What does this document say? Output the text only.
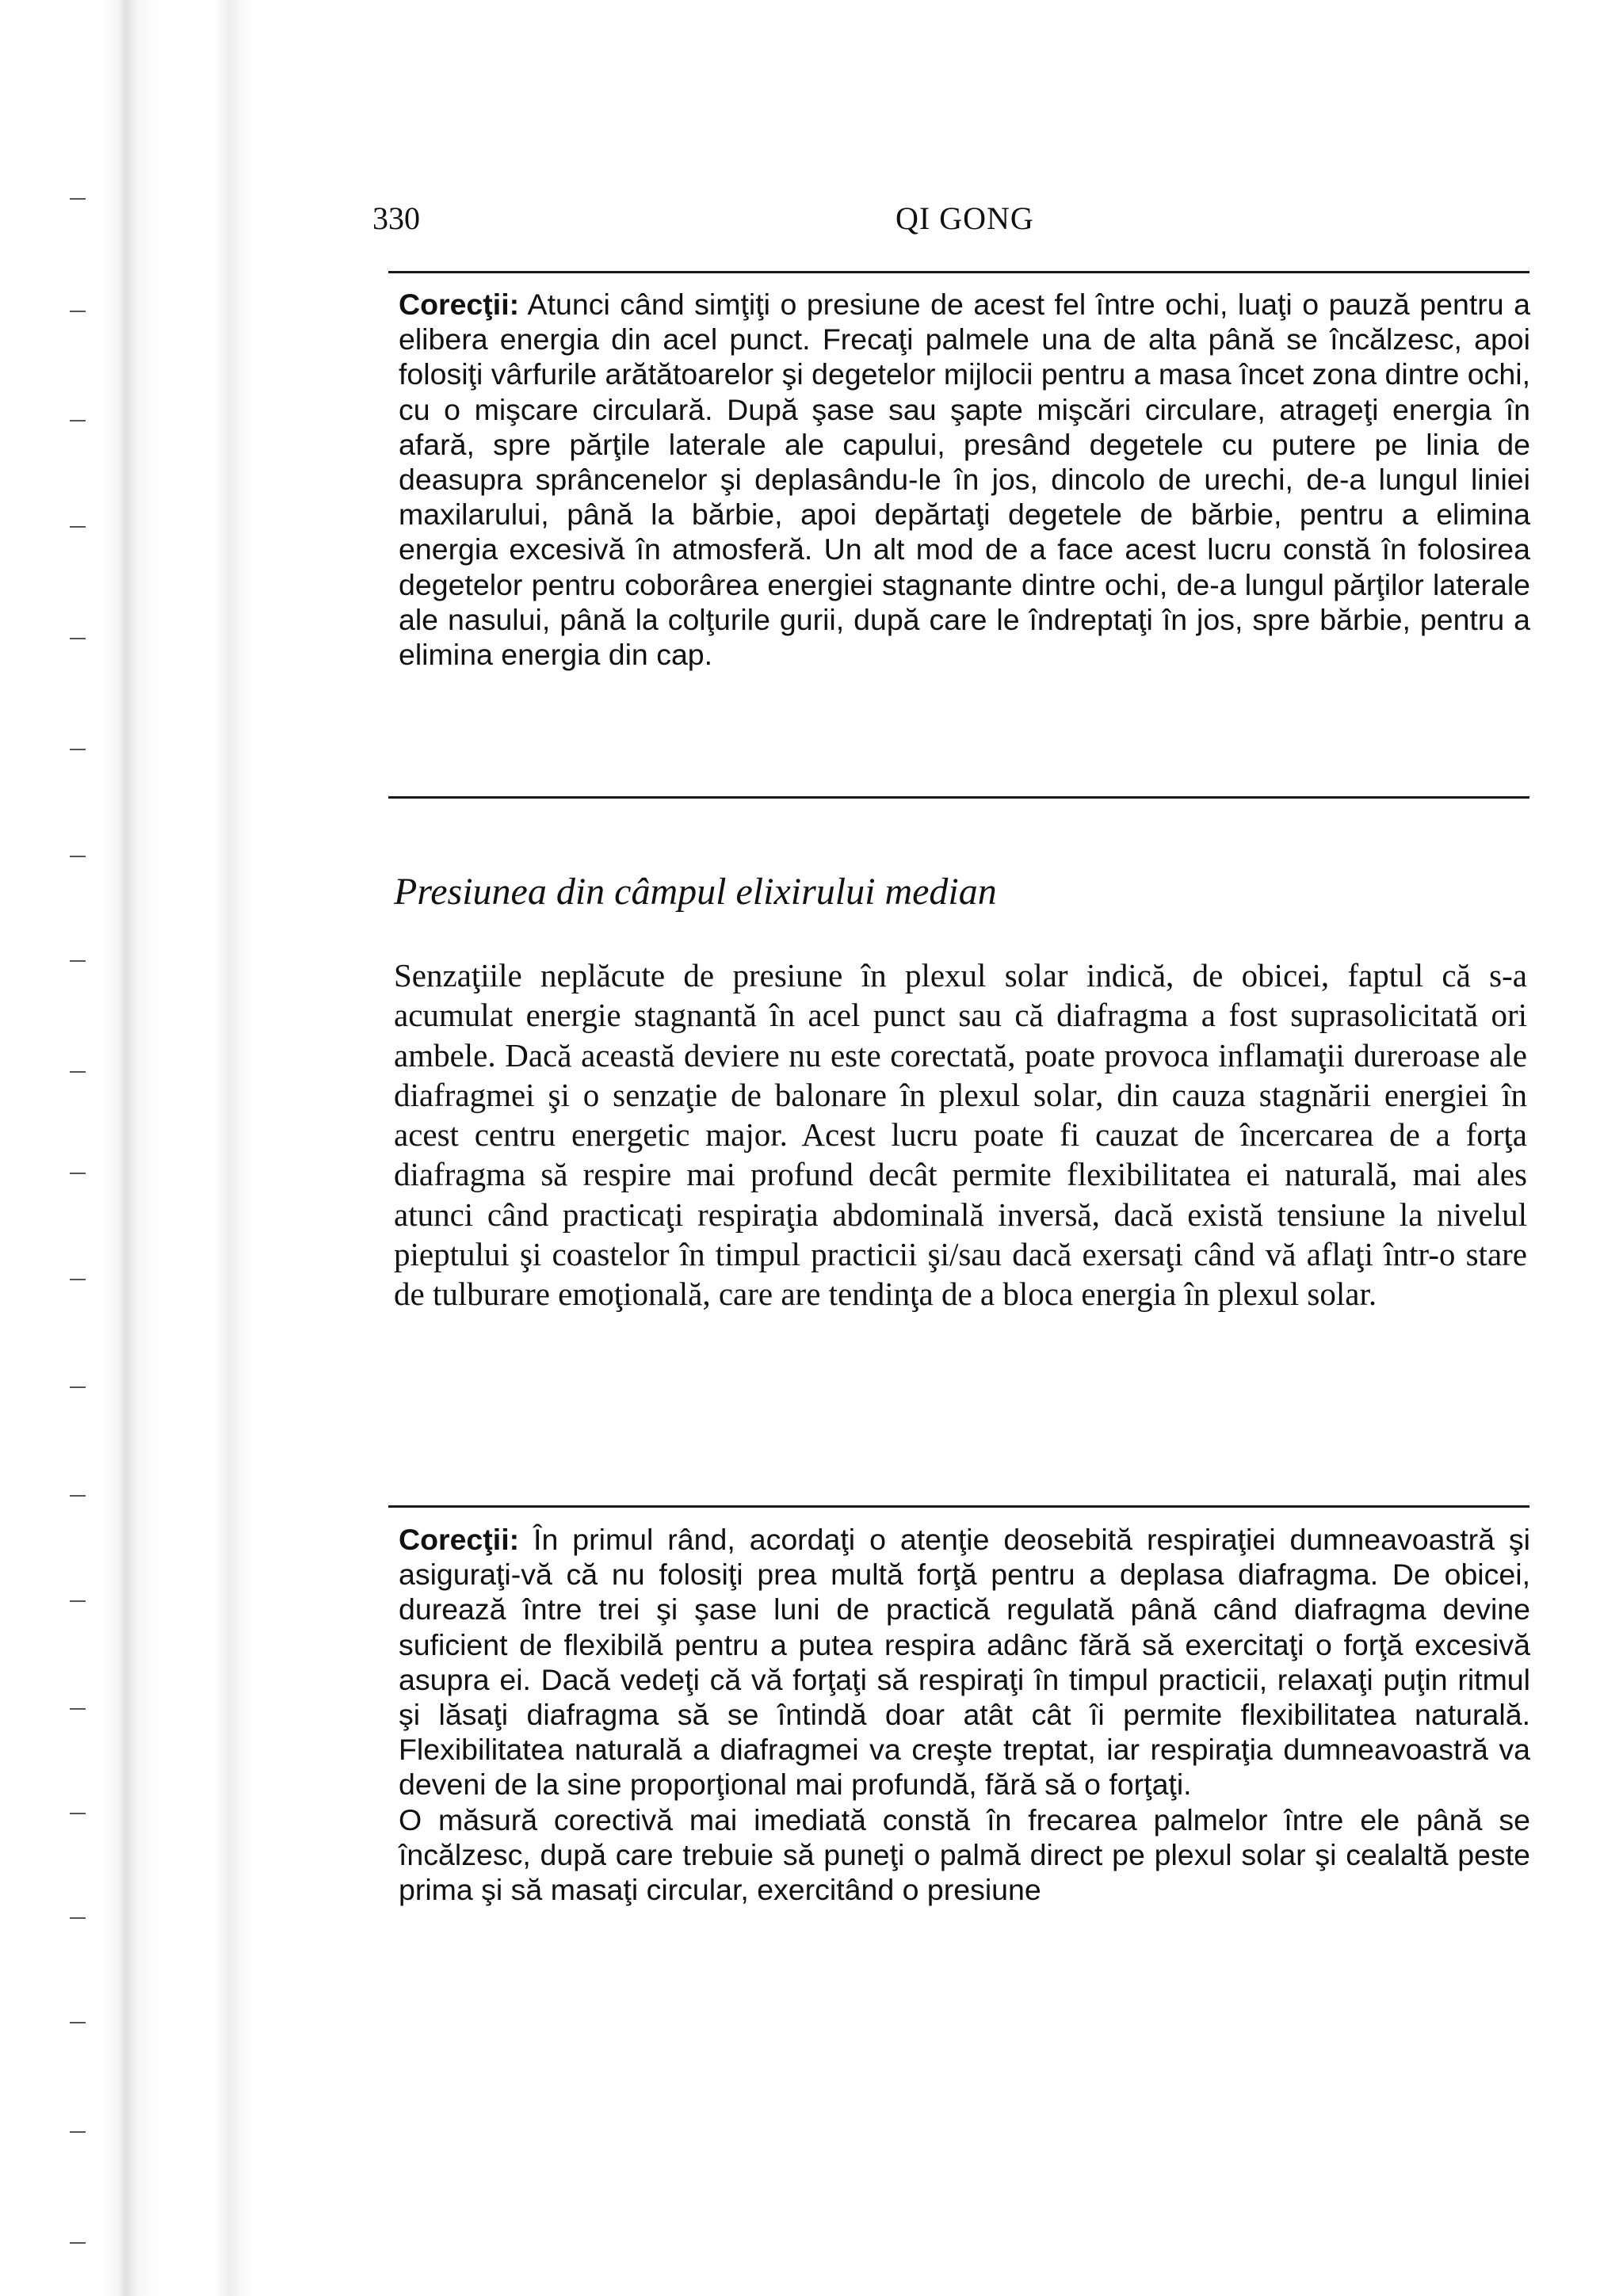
330	QI GONG

Corecţii: Atunci când simţiţi o presiune de acest fel între ochi, luaţi o pauză pentru a elibera energia din acel punct. Frecaţi palmele una de alta până se încălzesc, apoi folosiţi vârfurile arătătoarelor şi degetelor mijlocii pentru a masa încet zona dintre ochi, cu o mişcare circulară. După şase sau şapte mişcări circulare, atrageţi energia în afară, spre părţile laterale ale capului, presând degetele cu putere pe linia de deasupra sprâncenelor şi deplasându-le în jos, dincolo de urechi, de-a lungul liniei maxilarului, până la bărbie, apoi depărtaţi degetele de bărbie, pentru a elimina energia excesivă în atmosferă. Un alt mod de a face acest lucru constă în folosirea degetelor pentru coborârea energiei stagnante dintre ochi, de-a lungul părţilor laterale ale nasului, până la colţurile gurii, după care le îndreptaţi în jos, spre bărbie, pentru a elimina energia din cap.

Presiunea din câmpul elixirului median

Senzaţiile neplăcute de presiune în plexul solar indică, de obicei, faptul că s-a acumulat energie stagnantă în acel punct sau că diafragma a fost suprasolicitată ori ambele. Dacă această deviere nu este corectată, poate provoca inflamaţii dureroase ale diafragmei şi o senzaţie de balonare în plexul solar, din cauza stagnării energiei în acest centru energetic major. Acest lucru poate fi cauzat de încercarea de a forţa diafragma să respire mai profund decât permite flexibilitatea ei naturală, mai ales atunci când practicaţi respiraţia abdominală inversă, dacă există tensiune la nivelul pieptului şi coastelor în timpul practicii şi/sau dacă exersaţi când vă aflaţi într-o stare de tulburare emoţională, care are tendinţa de a bloca energia în plexul solar.

Corecţii: În primul rând, acordaţi o atenţie deosebită respiraţiei dumneavoastră şi asiguraţi-vă că nu folosiţi prea multă forţă pentru a deplasa diafragma. De obicei, durează între trei şi şase luni de practică regulată până când diafragma devine suficient de flexibilă pentru a putea respira adânc fără să exercitaţi o forţă excesivă asupra ei. Dacă vedeţi că vă forţaţi să respiraţi în timpul practicii, relaxaţi puţin ritmul şi lăsaţi diafragma să se întindă doar atât cât îi permite flexibilitatea naturală. Flexibilitatea naturală a diafragmei va creşte treptat, iar respiraţia dumneavoastră va deveni de la sine proporţional mai profundă, fără să o forţaţi.

O măsură corectivă mai imediată constă în frecarea palmelor între ele până se încălzesc, după care trebuie să puneţi o palmă direct pe plexul solar şi cealaltă peste prima şi să masaţi circular, exercitând o presiune
